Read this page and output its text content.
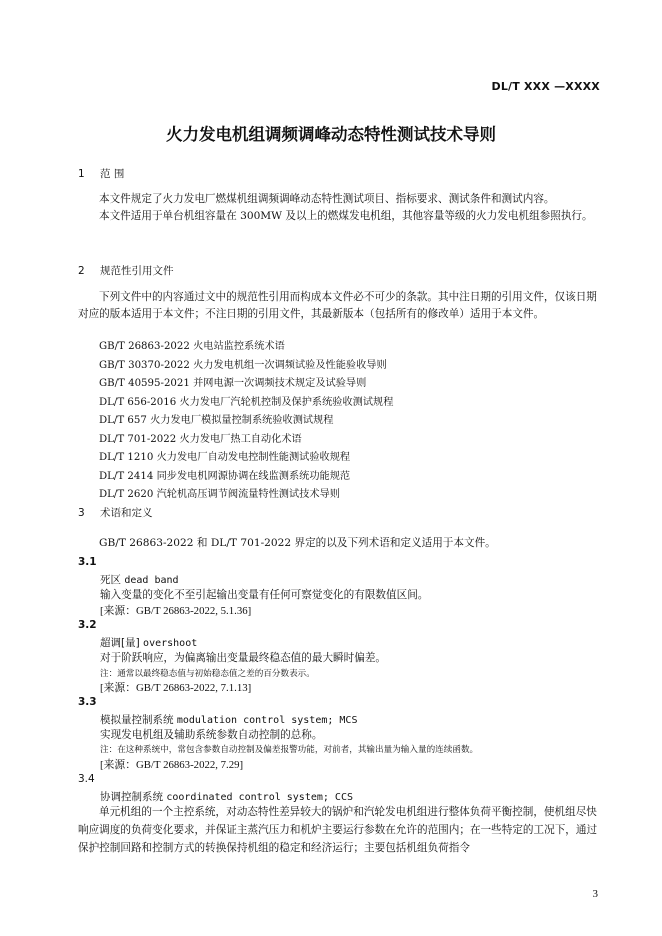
DL/T XXX —XXXX
火力发电机组调频调峰动态特性测试技术导则
1 范 围

本文件规定了火力发电厂燃煤机组调频调峰动态特性测试项目、指标要求、测试条件和测试内容。

本文件适用于单台机组容量在 300MW 及以上的燃煤发电机组，其他容量等级的火力发电机组参照执行。

2 规范性引用文件

下列文件中的内容通过文中的规范性引用而构成本文件必不可少的条款。其中注日期的引用文件，仅该日期对应的版本适用于本文件；不注日期的引用文件，其最新版本（包括所有的修改单）适用于本文件。

GB/T 26863-2022 火电站监控系统术语
GB/T 30370-2022 火力发电机组一次调频试验及性能验收导则
GB/T 40595-2021 并网电源一次调频技术规定及试验导则
DL/T 656-2016 火力发电厂汽轮机控制及保护系统验收测试规程
DL/T 657 火力发电厂模拟量控制系统验收测试规程
DL/T 701-2022 火力发电厂热工自动化术语
DL/T 1210 火力发电厂自动发电控制性能测试验收规程
DL/T 2414 同步发电机网源协调在线监测系统功能规范
DL/T 2620 汽轮机高压调节阀流量特性测试技术导则
3 术语和定义

GB/T 26863-2022 和 DL/T 701-2022 界定的以及下列术语和定义适用于本文件。

3.1
死区 dead band
输入变量的变化不至引起输出变量有任何可察觉变化的有限数值区间。
[来源：GB/T 26863-2022, 5.1.36]
3.2
超调[量] overshoot
对于阶跃响应，为偏离输出变量最终稳态值的最大瞬时偏差。
注：通常以最终稳态值与初始稳态值之差的百分数表示。
[来源：GB/T 26863-2022, 7.1.13]
3.3
模拟量控制系统 modulation control system; MCS
实现发电机组及辅助系统参数自动控制的总称。
注：在这种系统中，常包含参数自动控制及偏差报警功能，对前者，其输出量为输入量的连续函数。
[来源：GB/T 26863-2022, 7.29]
3.4
协调控制系统 coordinated control system; CCS

单元机组的一个主控系统，对动态特性差异较大的锅炉和汽轮发电机组进行整体负荷平衡控制，使机组尽快响应调度的负荷变化要求，并保证主蒸汽压力和机炉主要运行参数在允许的范围内；在一些特定的工况下，通过保护控制回路和控制方式的转换保持机组的稳定和经济运行；主要包括机组负荷指令

3
